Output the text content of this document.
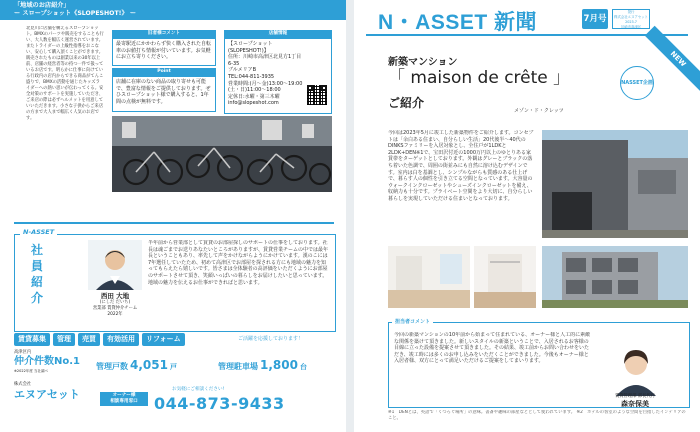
「地域のお店紹介」
ー スロープショット《SLOPESHOT!》 ー
北見川に店舗を構えるスロープショット。BMXのパーツや販売をすることも行い、大人数を幅広く運営されています。またトライダーの上級性指導をおこない、安心して購入頂くことができます。販売されたものは創業以来の30年以上前、店舗の経営者等の持つ一件で扱っているお店です。明らかに仕事に向けている行政内の店内からできる商品がてんこ盛りで、BMXの活動を通じたキッズライダーへの熱い思いが伝わってくる。安全対策のサポートを実施していただき、ご来店の際は必ずヘルメットを用意していいただきます。小さな子供からご来店の方まで大人まで幅広く人気のお店です。
旧者様コメント
最寄駅近にかかわらず快く購入された自転車のお値打ち情報が付いています。お気軽にお立ち寄りください。
Point
店舗に在庫のない商品の取り寄せも可能で、豊富な情報をご提供しております。ぜひスロープショット様で購入すると、1年間の点検が無料です。
店舗情報
【スロープショット(SLOPESHOT!)】
住所：川崎市高津区北見方1丁目6-35
ブルメリアB
TEL:044-811-3935
営業時間:(月〜金)13:00〜19:00
(土・日)11:00〜18:00
定休日:水曜・第三木曜
info@slopeshot.com
N-ASSET
社員紹介	西田 大地
(にしだ だいち)
営業部 賃貸仲介チーム
2022年
半年前から営業部として賃貸のお部屋探しのサポートの仕事をしております。社長は魂ごまでお送りあなたいところがありますが、賃貸営業チームの中では最年長ということもあり、率先して声をかけながらようにかけています。漢のこには7年選任していたため、初めて高津区でお部屋を探される方にも地域の魅力を知ってもらえたら嬉しいです。皆さまは全体験者の高評価をいただくようにお部屋のサポートさせて頂き、笑顔いっぱいの暮らしをお届けしたいと思っています。地域の魅力を伝えるお仕事ができればと思います。
賃貸募集	管理	売買	有効活用	リフォーム	ご活躍を応援しております！
高津区内
仲介件数No.1
※2022年度 当社調べ	管理戸数 4,051 戸	管理駐車場 1,800 台
株式会社
エヌアセット	オーナー様
相談専用窓口
お気軽にご相談ください!
044-873-9433
N・ASSET 新聞	7月号
発行
株式会社エヌアセット
2023.7
川崎市高津区
NEW
NASSET企画
新築マンション
「 maison de crête 」
メゾン・ド・クレッツ
ご紹介
今回は2023年5月に竣工した新築物件をご紹介します。コンセプトは「余白ある住まい、自分らしい生活」20代後半〜40代のDINKSファミリーを入居対象とし、全住戸が1LDKと2LDK+DEN※1で、宝田沢付近の1000万円以上のゆとりある家賃帯をターゲットとしております。外観はグレーとブラックの落ち着いた色調で、周囲の街並みにも自然に溶け込むデザインです。室内は白を基調とし、シンプルながらも質感のある仕上げで、暮らす人の個性を引き立てる空間となっています。大容量のウォークインクローゼットやシューズインクローゼットを備え、収納力も十分です。プライベート空間をより大切に、自分らしい暮らしを実現していただける住まいとなっております。
担当者コメント
今回の新築マンションの10年前から始まって住まれている、オーナー様と人工的に素敵な関係を築けて頂きました。新しいスタイルの新築ということで、入居されるお客様の目線に立った設備を提案させて頂きました。その結果、竣工前からお問い合わせをいただき、竣工時には多くのお申し込みをいただくことができました。今後もオーナー様と入居者様、双方にとって満足いただけるご提案をしてまいります。
賃貸管理部 部長代行
森奈保美
※1　DENとは、英語で「くつろぐ場所」の意味。書斎や趣味の部屋などとして使われています。 ※2　ホテルの客室のような空間を目指したインテリアのこと。
